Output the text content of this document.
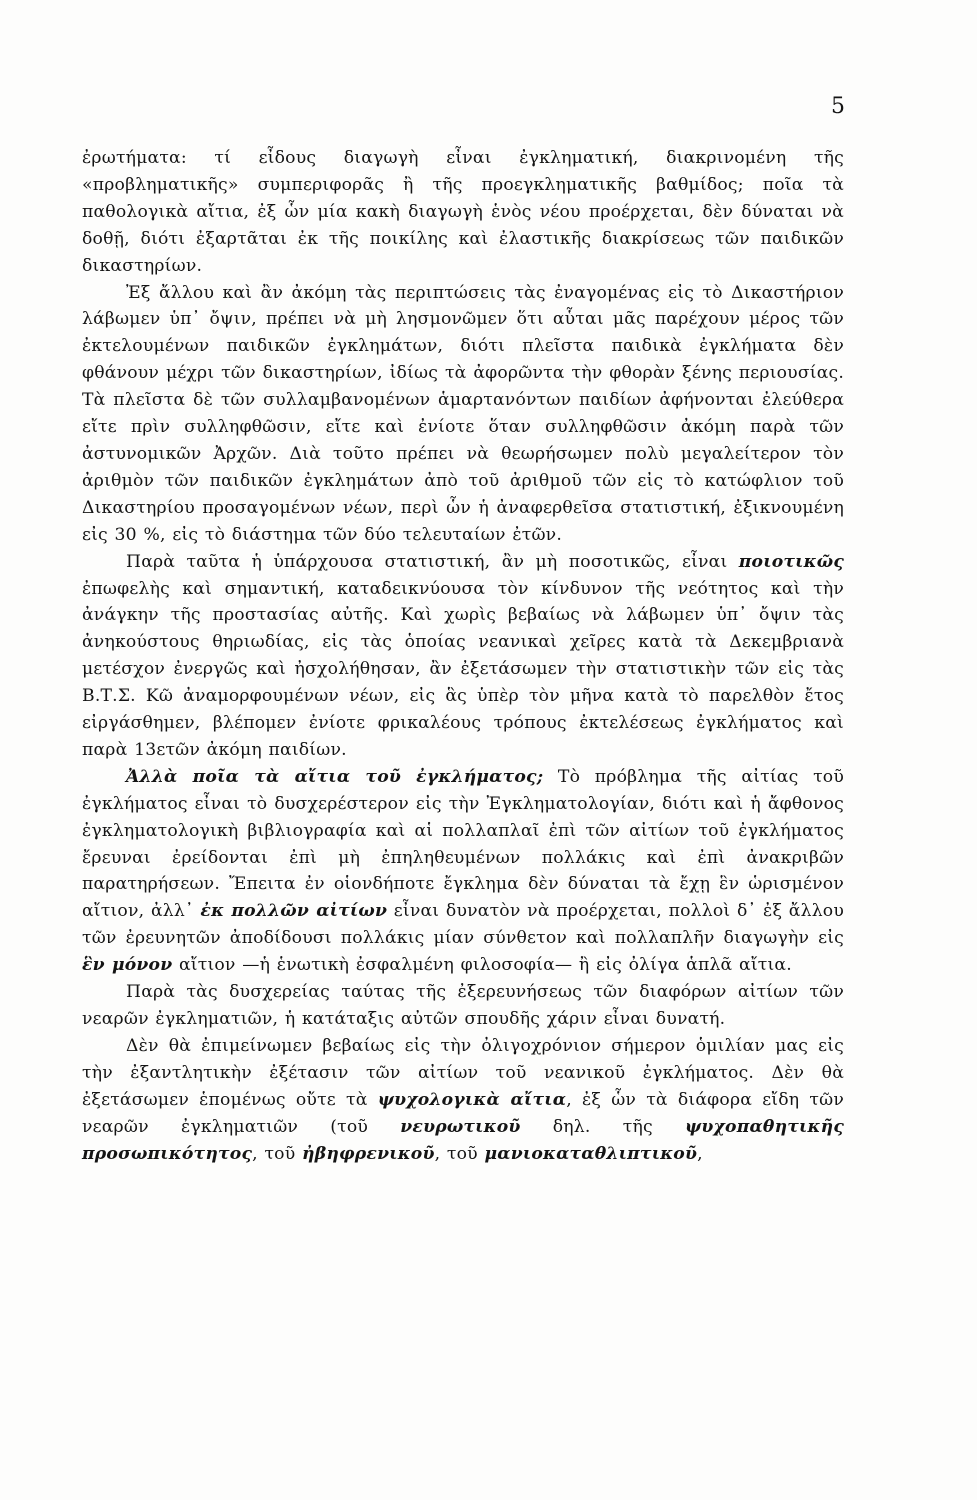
5

ἐρωτήματα: τί εἶδους διαγωγὴ εἶναι ἐγκληματική, διακρινομένη τῆς «προβληματικῆς» συμπεριφορᾶς ἢ τῆς προεγκληματικῆς βαθμίδος; ποῖα τὰ παθολογικὰ αἴτια, ἐξ ὧν μία κακὴ διαγωγὴ ἑνὸς νέου προέρχεται, δὲν δύναται νὰ δοθῇ, διότι ἐξαρτᾶται ἐκ τῆς ποικίλης καὶ ἐλαστικῆς διακρίσεως τῶν παιδικῶν δικαστηρίων.

Ἐξ ἄλλου καὶ ἂν ἀκόμη τὰς περιπτώσεις τὰς ἐναγομένας εἰς τὸ Δικαστήριον λάβωμεν ὑπ᾽ ὄψιν, πρέπει νὰ μὴ λησμονῶμεν ὅτι αὗται μᾶς παρέχουν μέρος τῶν ἐκτελουμένων παιδικῶν ἐγκλημάτων, διότι πλεῖστα παιδικὰ ἐγκλήματα δὲν φθάνουν μέχρι τῶν δικαστηρίων, ἰδίως τὰ ἀφορῶντα τὴν φθορὰν ξένης περιουσίας. Τὰ πλεῖστα δὲ τῶν συλλαμβανομένων ἁμαρτανόντων παιδίων ἀφήνονται ἐλεύθερα εἴτε πρὶν συλληφθῶσιν, εἴτε καὶ ἐνίοτε ὅταν συλληφθῶσιν ἀκόμη παρὰ τῶν ἀστυνομικῶν Ἀρχῶν. Διὰ τοῦτο πρέπει νὰ θεωρήσωμεν πολὺ μεγαλείτερον τὸν ἀριθμὸν τῶν παιδικῶν ἐγκλημάτων ἀπὸ τοῦ ἀριθμοῦ τῶν εἰς τὸ κατώφλιον τοῦ Δικαστηρίου προσαγομένων νέων, περὶ ὧν ἡ ἀναφερθεῖσα στατιστική, ἐξικνουμένη εἰς 30 %, εἰς τὸ διάστημα τῶν δύο τελευταίων ἐτῶν.

Παρὰ ταῦτα ἡ ὑπάρχουσα στατιστική, ἂν μὴ ποσοτικῶς, εἶναι ποιοτικῶς ἐπωφελὴς καὶ σημαντική, καταδεικνύουσα τὸν κίνδυνον τῆς νεότητος καὶ τὴν ἀνάγκην τῆς προστασίας αὐτῆς. Καὶ χωρὶς βεβαίως νὰ λάβωμεν ὑπ᾽ ὄψιν τὰς ἀνηκούστους θηριωδίας, εἰς τὰς ὁποίας νεανικαὶ χεῖρες κατὰ τὰ Δεκεμβριανὰ μετέσχον ἐνεργῶς καὶ ἠσχολήθησαν, ἂν ἐξετάσωμεν τὴν στατιστικὴν τῶν εἰς τὰς Β.Τ.Σ. Κῶ ἀναμορφουμένων νέων, εἰς ἃς ὑπὲρ τὸν μῆνα κατὰ τὸ παρελθὸν ἔτος εἰργάσθημεν, βλέπομεν ἐνίοτε φρικαλέους τρόπους ἐκτελέσεως ἐγκλήματος καὶ παρὰ 13ετῶν ἀκόμη παιδίων.

Ἀλλὰ ποῖα τὰ αἴτια τοῦ ἐγκλήματος; Τὸ πρόβλημα τῆς αἰτίας τοῦ ἐγκλήματος εἶναι τὸ δυσχερέστερον εἰς τὴν Ἐγκληματολογίαν, διότι καὶ ἡ ἄφθονος ἐγκληματολογικὴ βιβλιογραφία καὶ αἱ πολλαπλαῖ ἐπὶ τῶν αἰτίων τοῦ ἐγκλήματος ἔρευναι ἐρείδονται ἐπὶ μὴ ἐπηληθευμένων πολλάκις καὶ ἐπὶ ἀνακριβῶν παρατηρήσεων. Ἔπειτα ἐν οἱονδήποτε ἔγκλημα δὲν δύναται τὰ ἔχῃ ἓν ὡρισμένον αἴτιον, ἀλλ᾽ ἐκ πολλῶν αἰτίων εἶναι δυνατὸν νὰ προέρχεται, πολλοὶ δ᾽ ἐξ ἄλλου τῶν ἐρευνητῶν ἀποδίδουσι πολλάκις μίαν σύνθετον καὶ πολλαπλῆν διαγωγὴν εἰς ἓν μόνον αἴτιον —ἡ ἑνωτικὴ ἐσφαλμένη φιλοσοφία— ἢ εἰς ὀλίγα ἁπλᾶ αἴτια.

Παρὰ τὰς δυσχερείας ταύτας τῆς ἐξερευνήσεως τῶν διαφόρων αἰτίων τῶν νεαρῶν ἐγκληματιῶν, ἡ κατάταξις αὐτῶν σπουδῆς χάριν εἶναι δυνατή.

Δὲν θὰ ἐπιμείνωμεν βεβαίως εἰς τὴν ὀλιγοχρόνιον σήμερον ὁμιλίαν μας εἰς τὴν ἐξαντλητικὴν ἐξέτασιν τῶν αἰτίων τοῦ νεανικοῦ ἐγκλήματος. Δὲν θὰ ἐξετάσωμεν ἑπομένως οὔτε τὰ ψυχολογικὰ αἴτια, ἐξ ὧν τὰ διάφορα εἴδη τῶν νεαρῶν ἐγκληματιῶν (τοῦ νευρωτικοῦ δηλ. τῆς ψυχοπαθητικῆς προσωπικότητος, τοῦ ἠβηφρενικοῦ, τοῦ μανιοκαταθλιπτικοῦ,
